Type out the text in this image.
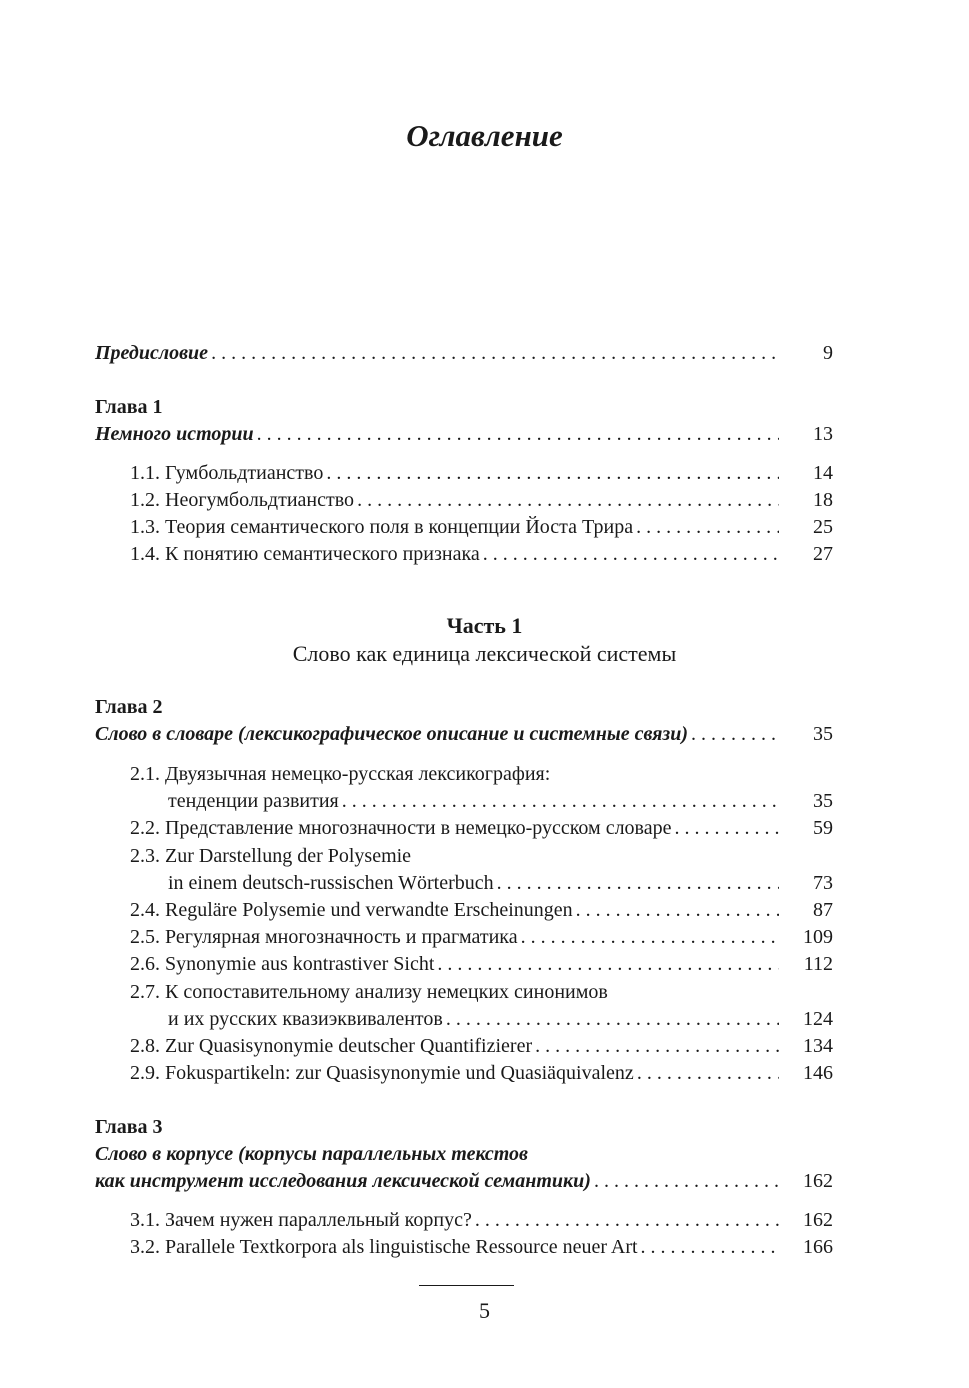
Оглавление
Предисловие . . .	9
Глава 1
Немного истории . . .	13
1.1. Гумбольдтианство . . .	14
1.2. Неогумбольдтианство . . .	18
1.3. Теория семантического поля в концепции Йоста Трира . . .	25
1.4. К понятию семантического признака . . .	27
Часть 1
Слово как единица лексической системы
Глава 2
Слово в словаре (лексикографическое описание и системные связи) . . .	35
2.1. Двуязычная немецко-русская лексикография:
тенденции развития . . .	35
2.2. Представление многозначности в немецко-русском словаре . . .	59
2.3. Zur Darstellung der Polysemie
in einem deutsch-russischen Wörterbuch . . .	73
2.4. Reguläre Polysemie und verwandte Erscheinungen . . .	87
2.5. Регулярная многозначность и прагматика . . .	109
2.6. Synonymie aus kontrastiver Sicht . . .	112
2.7. К сопоставительному анализу немецких синонимов
и их русских квазиэквивалентов . . .	124
2.8. Zur Quasisynonymie deutscher Quantifizierer . . .	134
2.9. Fokuspartikeln: zur Quasisynonymie und Quasiäquivalenz . . .	146
Глава 3
Слово в корпусе (корпусы параллельных текстов
как инструмент исследования лексической семантики) . . .	162
3.1. Зачем нужен параллельный корпус? . . .	162
3.2. Parallele Textkorpora als linguistische Ressource neuer Art . . .	166
5
